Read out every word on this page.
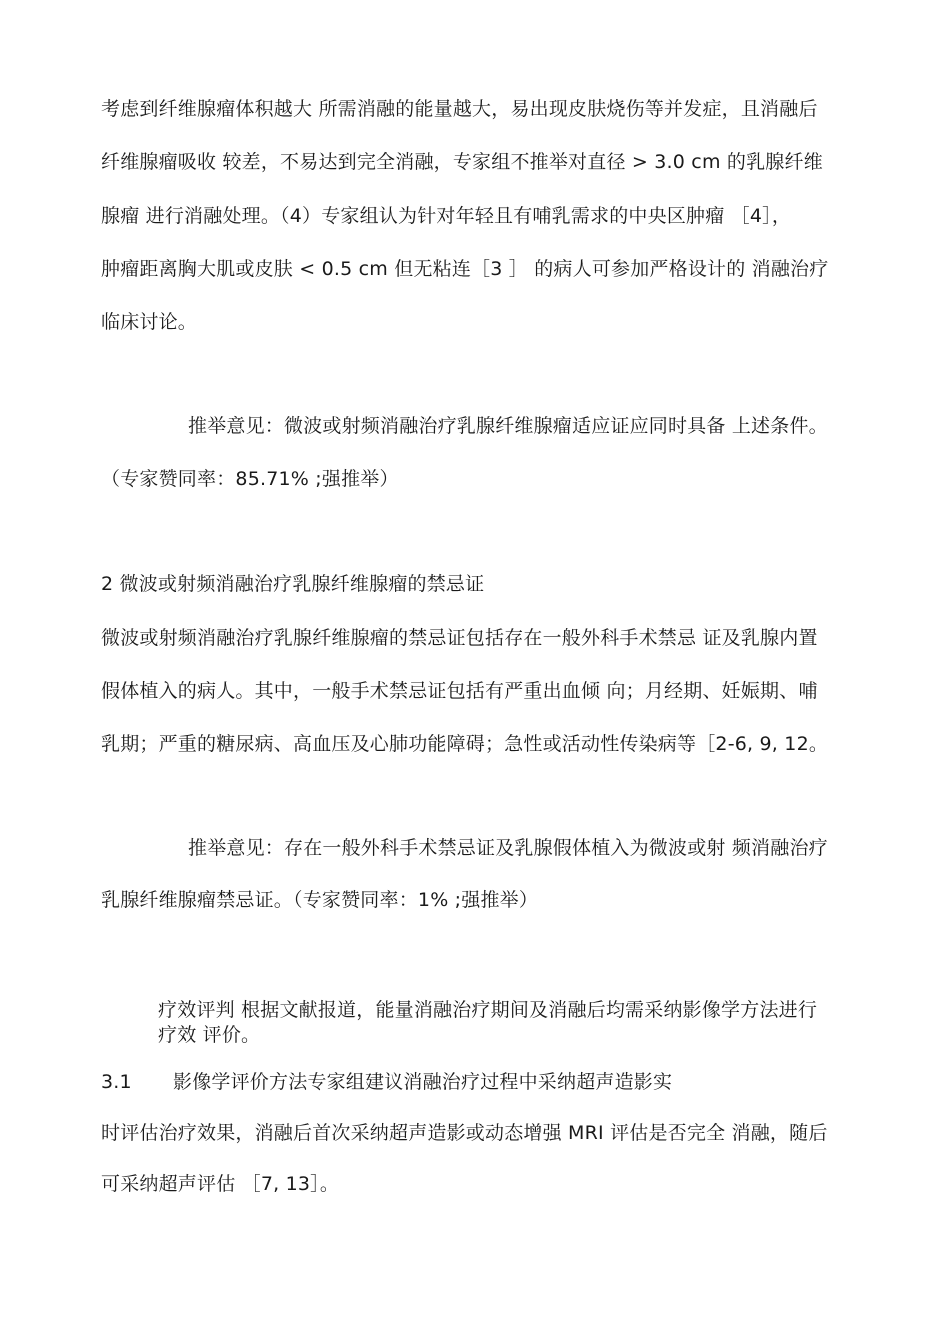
考虑到纤维腺瘤体积越大 所需消融的能量越大，易出现皮肤烧伤等并发症，且消融后
纤维腺瘤吸收 较差，不易达到完全消融，专家组不推举对直径 > 3.0 cm 的乳腺纤维
腺瘤 进行消融处理。（4）专家组认为针对年轻且有哺乳需求的中央区肿瘤 ［4］，
肿瘤距离胸大肌或皮肤 < 0.5 cm 但无粘连［3 ］ 的病人可参加严格设计的 消融治疗
临床讨论。
推举意见：微波或射频消融治疗乳腺纤维腺瘤适应证应同时具备 上述条件。
（专家赞同率：85.71% ;强推举）
2 微波或射频消融治疗乳腺纤维腺瘤的禁忌证
微波或射频消融治疗乳腺纤维腺瘤的禁忌证包括存在一般外科手术禁忌 证及乳腺内置
假体植入的病人。其中，一般手术禁忌证包括有严重出血倾 向；月经期、妊娠期、哺
乳期；严重的糖尿病、高血压及心肺功能障碍；急性或活动性传染病等［2-6, 9, 12。
推举意见：存在一般外科手术禁忌证及乳腺假体植入为微波或射 频消融治疗
乳腺纤维腺瘤禁忌证。（专家赞同率：1% ;强推举）
疗效评判 根据文献报道，能量消融治疗期间及消融后均需采纳影像学方法进行
疗效 评价。
3.1 影像学评价方法专家组建议消融治疗过程中采纳超声造影实
时评估治疗效果，消融后首次采纳超声造影或动态增强 MRI 评估是否完全 消融，随后
可采纳超声评估 ［7, 13］。
